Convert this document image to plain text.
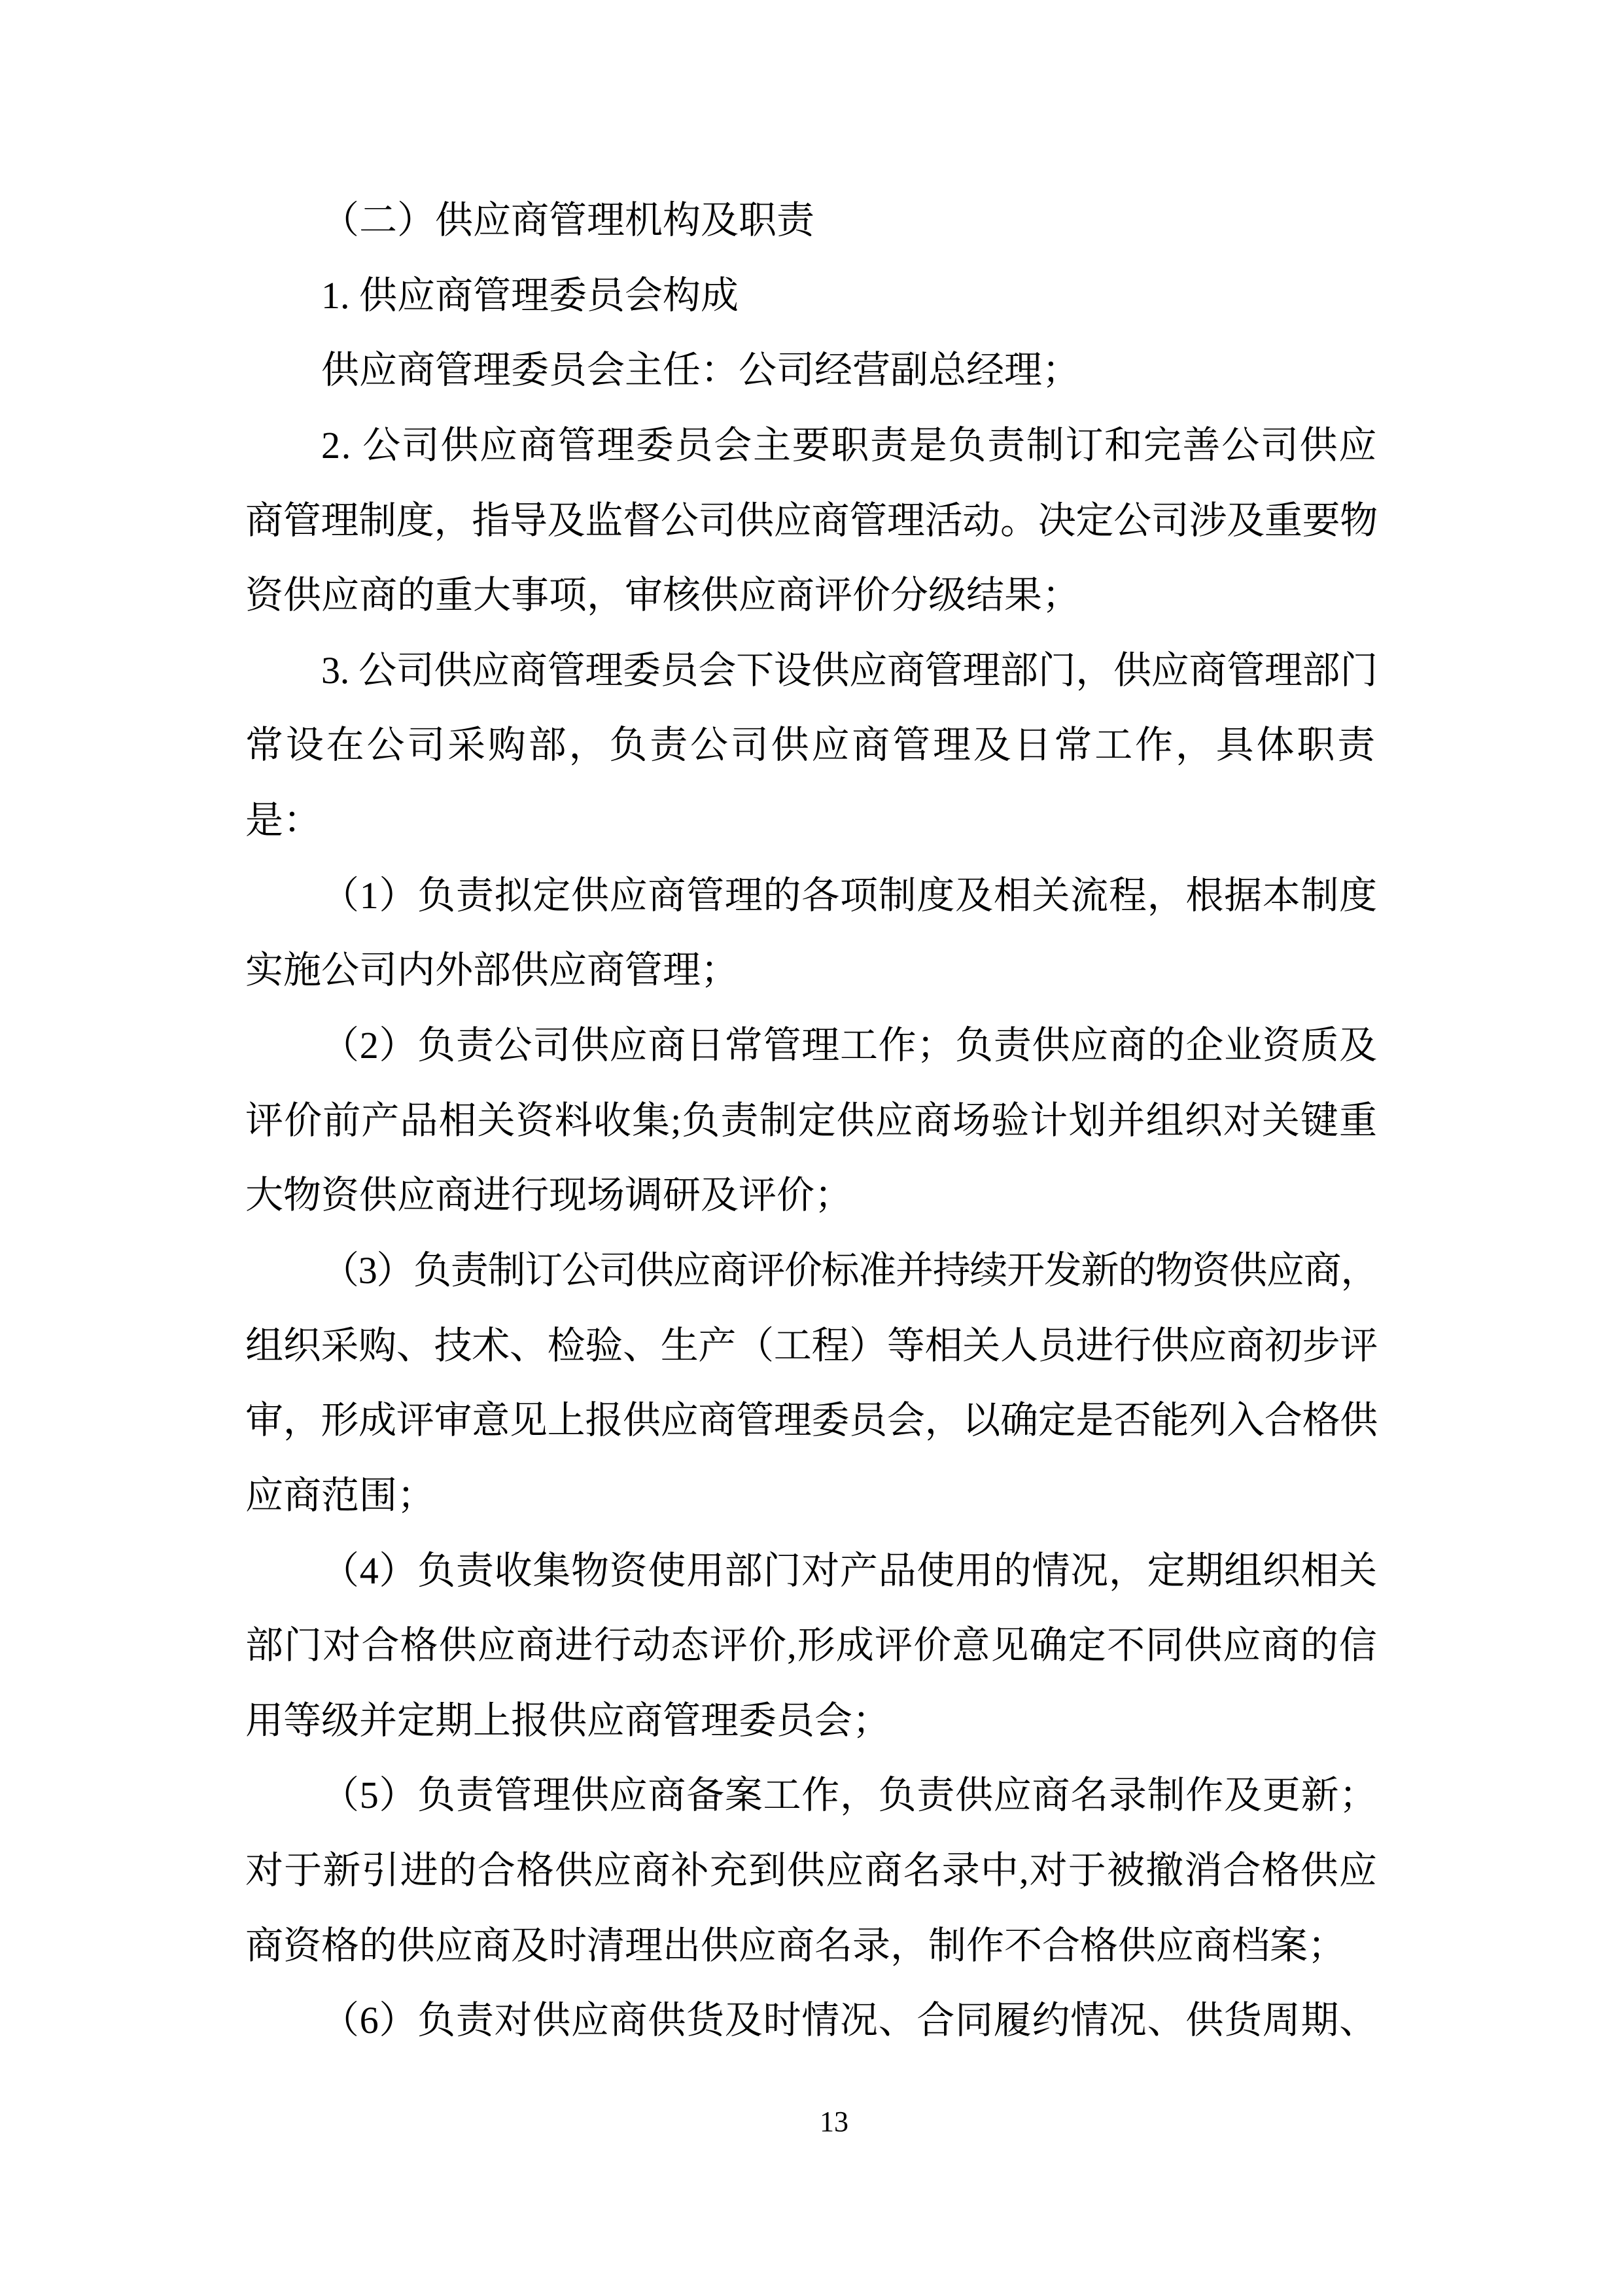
（二）供应商管理机构及职责
1. 供应商管理委员会构成
供应商管理委员会主任：公司经营副总经理；
2. 公司供应商管理委员会主要职责是负责制订和完善公司供应
商管理制度，指导及监督公司供应商管理活动。决定公司涉及重要物
资供应商的重大事项，审核供应商评价分级结果；
3. 公司供应商管理委员会下设供应商管理部门，供应商管理部门
常设在公司采购部，负责公司供应商管理及日常工作，具体职责
是：
（1）负责拟定供应商管理的各项制度及相关流程，根据本制度
实施公司内外部供应商管理；
（2）负责公司供应商日常管理工作；负责供应商的企业资质及
评价前产品相关资料收集;负责制定供应商场验计划并组织对关键重
大物资供应商进行现场调研及评价；
（3）负责制订公司供应商评价标准并持续开发新的物资供应商，
组织采购、技术、检验、生产（工程）等相关人员进行供应商初步评
审，形成评审意见上报供应商管理委员会，以确定是否能列入合格供
应商范围；
（4）负责收集物资使用部门对产品使用的情况，定期组织相关
部门对合格供应商进行动态评价,形成评价意见确定不同供应商的信
用等级并定期上报供应商管理委员会；
（5）负责管理供应商备案工作，负责供应商名录制作及更新；
对于新引进的合格供应商补充到供应商名录中,对于被撤消合格供应
商资格的供应商及时清理出供应商名录，制作不合格供应商档案；
（6）负责对供应商供货及时情况、合同履约情况、供货周期、
13
